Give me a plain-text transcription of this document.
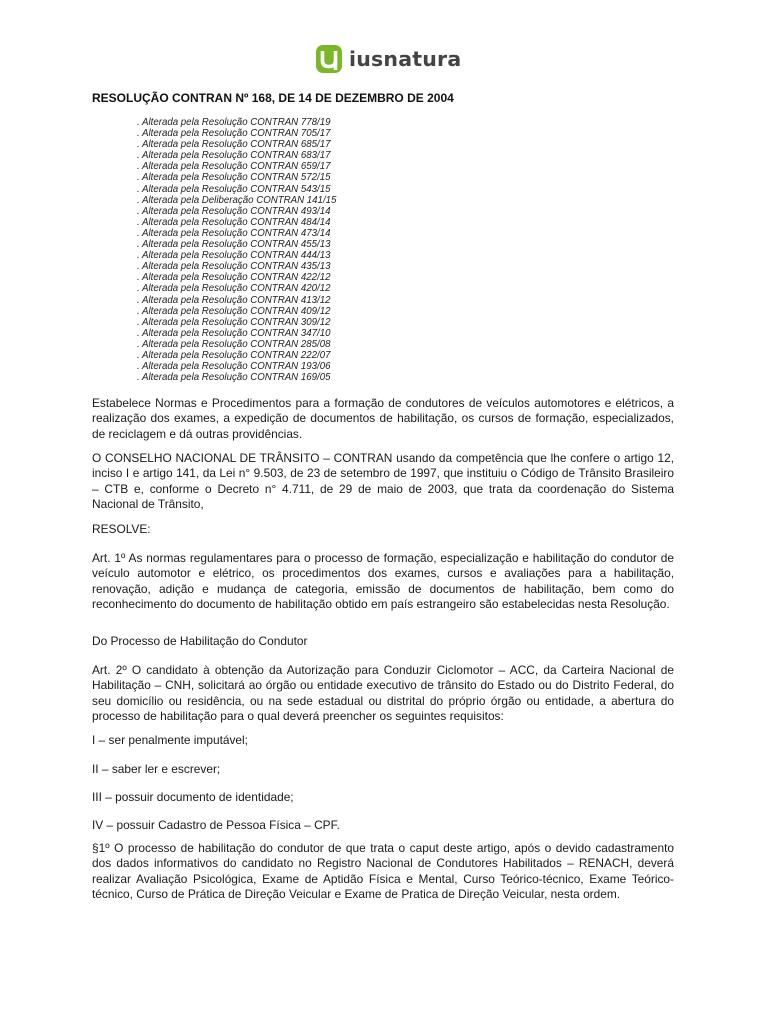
iusnatura
RESOLUÇÃO CONTRAN Nº 168, DE 14 DE DEZEMBRO DE 2004
. Alterada pela Resolução CONTRAN 778/19
. Alterada pela Resolução CONTRAN 705/17
. Alterada pela Resolução CONTRAN 685/17
. Alterada pela Resolução CONTRAN 683/17
. Alterada pela Resolução CONTRAN 659/17
. Alterada pela Resolução CONTRAN 572/15
. Alterada pela Resolução CONTRAN 543/15
. Alterada pela Deliberação CONTRAN 141/15
. Alterada pela Resolução CONTRAN 493/14
. Alterada pela Resolução CONTRAN 484/14
. Alterada pela Resolução CONTRAN 473/14
. Alterada pela Resolução CONTRAN 455/13
. Alterada pela Resolução CONTRAN 444/13
. Alterada pela Resolução CONTRAN 435/13
. Alterada pela Resolução CONTRAN 422/12
. Alterada pela Resolução CONTRAN 420/12
. Alterada pela Resolução CONTRAN 413/12
. Alterada pela Resolução CONTRAN 409/12
. Alterada pela Resolução CONTRAN 309/12
. Alterada pela Resolução CONTRAN 347/10
. Alterada pela Resolução CONTRAN 285/08
. Alterada pela Resolução CONTRAN 222/07
. Alterada pela Resolução CONTRAN 193/06
. Alterada pela Resolução CONTRAN 169/05

Estabelece Normas e Procedimentos para a formação de condutores de veículos automotores e elétricos, a realização dos exames, a expedição de documentos de habilitação, os cursos de formação, especializados, de reciclagem e dá outras providências.

O CONSELHO NACIONAL DE TRÂNSITO – CONTRAN usando da competência que lhe confere o artigo 12, inciso I e artigo 141, da Lei n° 9.503, de 23 de setembro de 1997, que instituiu o Código de Trânsito Brasileiro – CTB e, conforme o Decreto n° 4.711, de 29 de maio de 2003, que trata da coordenação do Sistema Nacional de Trânsito,

RESOLVE:

Art. 1º As normas regulamentares para o processo de formação, especialização e habilitação do condutor de veículo automotor e elétrico, os procedimentos dos exames, cursos e avaliações para a habilitação, renovação, adição e mudança de categoria, emissão de documentos de habilitação, bem como do reconhecimento do documento de habilitação obtido em país estrangeiro são estabelecidas nesta Resolução.

Do Processo de Habilitação do Condutor

Art. 2º O candidato à obtenção da Autorização para Conduzir Ciclomotor – ACC, da Carteira Nacional de Habilitação – CNH, solicitará ao órgão ou entidade executivo de trânsito do Estado ou do Distrito Federal, do seu domicílio ou residência, ou na sede estadual ou distrital do próprio órgão ou entidade, a abertura do processo de habilitação para o qual deverá preencher os seguintes requisitos:

I – ser penalmente imputável;

II – saber ler e escrever;

III – possuir documento de identidade;

IV – possuir Cadastro de Pessoa Física – CPF.

§1º O processo de habilitação do condutor de que trata o caput deste artigo, após o devido cadastramento dos dados informativos do candidato no Registro Nacional de Condutores Habilitados – RENACH, deverá realizar Avaliação Psicológica, Exame de Aptidão Física e Mental, Curso Teórico-técnico, Exame Teórico-técnico, Curso de Prática de Direção Veicular e Exame de Pratica de Direção Veicular, nesta ordem.
